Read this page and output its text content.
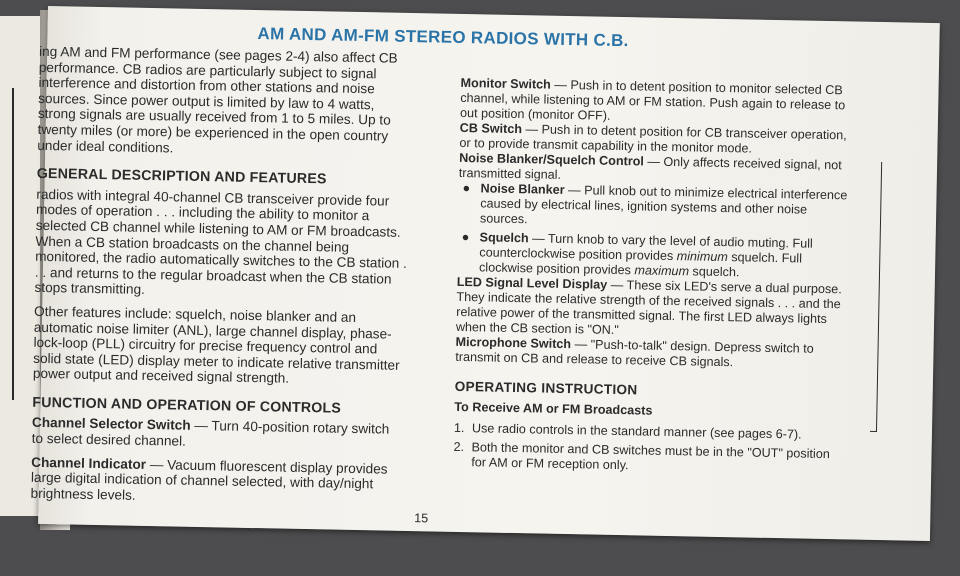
AM AND AM-FM STEREO RADIOS WITH C.B.

ing AM and FM performance (see pages 2-4) also affect CB performance. CB radios are particularly subject to signal interference and distortion from other stations and noise sources. Since power output is limited by law to 4 watts, strong signals are usually received from 1 to 5 miles. Up to twenty miles (or more) be experienced in the open country under ideal conditions.

GENERAL DESCRIPTION AND FEATURES

radios with integral 40-channel CB transceiver provide four modes of operation . . . including the ability to monitor a selected CB channel while listening to AM or FM broadcasts. When a CB station broadcasts on the channel being monitored, the radio automatically switches to the CB station . . . and returns to the regular broadcast when the CB station stops transmitting.

Other features include: squelch, noise blanker and an automatic noise limiter (ANL), large channel display, phase-lock-loop (PLL) circuitry for precise frequency control and solid state (LED) display meter to indicate relative transmitter power output and received signal strength.

FUNCTION AND OPERATION OF CONTROLS

Channel Selector Switch — Turn 40-position rotary switch to select desired channel.

Channel Indicator — Vacuum fluorescent display provides large digital indication of channel selected, with day/night brightness levels.

Monitor Switch — Push in to detent position to monitor selected CB channel, while listening to AM or FM station. Push again to release to out position (monitor OFF).

CB Switch — Push in to detent position for CB transceiver operation, or to provide transmit capability in the monitor mode.

Noise Blanker/Squelch Control — Only affects received signal, not transmitted signal.

● Noise Blanker — Pull knob out to minimize electrical interference caused by electrical lines, ignition systems and other noise sources.

● Squelch — Turn knob to vary the level of audio muting. Full counterclockwise position provides minimum squelch. Full clockwise position provides maximum squelch.

LED Signal Level Display — These six LED's serve a dual purpose. They indicate the relative strength of the received signals . . . and the relative power of the transmitted signal. The first LED always lights when the CB section is "ON."

Microphone Switch — "Push-to-talk" design. Depress switch to transmit on CB and release to receive CB signals.

OPERATING INSTRUCTION
To Receive AM or FM Broadcasts

1. Use radio controls in the standard manner (see pages 6-7).

2. Both the monitor and CB switches must be in the "OUT" position for AM or FM reception only.

15
